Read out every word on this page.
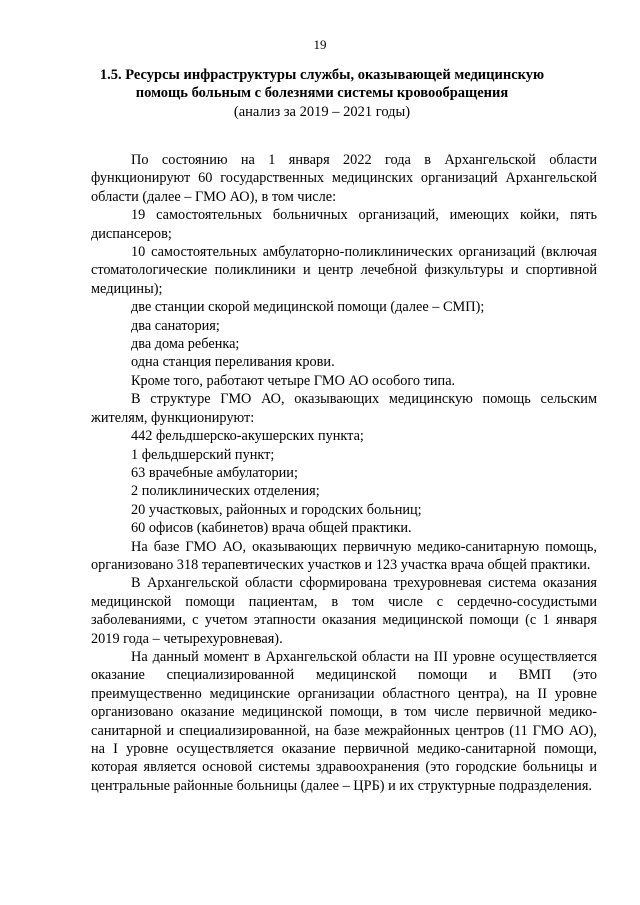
19
1.5. Ресурсы инфраструктуры службы, оказывающей медицинскую помощь больным с болезнями системы кровообращения
(анализ за 2019 – 2021 годы)

По состоянию на 1 января 2022 года в Архангельской области функционируют 60 государственных медицинских организаций Архангельской области (далее – ГМО АО), в том числе:

19 самостоятельных больничных организаций, имеющих койки, пять диспансеров;

10 самостоятельных амбулаторно-поликлинических организаций (включая стоматологические поликлиники и центр лечебной физкультуры и спортивной медицины);

две станции скорой медицинской помощи (далее – СМП);

два санатория;

два дома ребенка;

одна станция переливания крови.

Кроме того, работают четыре ГМО АО особого типа.

В структуре ГМО АО, оказывающих медицинскую помощь сельским жителям, функционируют:

442 фельдшерско-акушерских пункта;

1 фельдшерский пункт;

63 врачебные амбулатории;

2 поликлинических отделения;

20 участковых, районных и городских больниц;

60 офисов (кабинетов) врача общей практики.

На базе ГМО АО, оказывающих первичную медико-санитарную помощь, организовано 318 терапевтических участков и 123 участка врача общей практики.

В Архангельской области сформирована трехуровневая система оказания медицинской помощи пациентам, в том числе с сердечно-сосудистыми заболеваниями, с учетом этапности оказания медицинской помощи (с 1 января 2019 года – четырехуровневая).

На данный момент в Архангельской области на III уровне осуществляется оказание специализированной медицинской помощи и ВМП (это преимущественно медицинские организации областного центра), на II уровне организовано оказание медицинской помощи, в том числе первичной медико-санитарной и специализированной, на базе межрайонных центров (11 ГМО АО), на I уровне осуществляется оказание первичной медико-санитарной помощи, которая является основой системы здравоохранения (это городские больницы и центральные районные больницы (далее – ЦРБ) и их структурные подразделения.
